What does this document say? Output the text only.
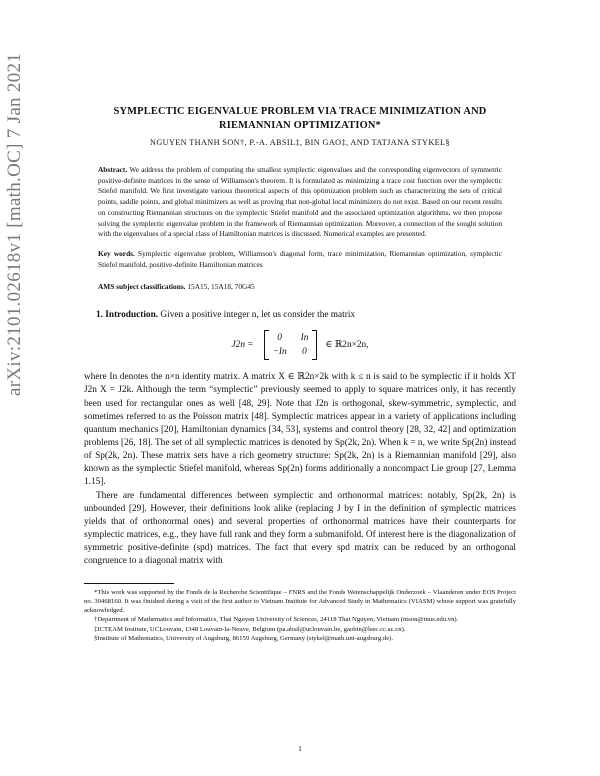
arXiv:2101.02618v1 [math.OC] 7 Jan 2021	SYMPLECTIC EIGENVALUE PROBLEM VIA TRACE MINIMIZATION AND RIEMANNIAN OPTIMIZATION*
NGUYEN THANH SON†, P.-A. ABSIL‡, BIN GAO‡, AND TATJANA STYKEL§
Abstract. We address the problem of computing the smallest symplectic eigenvalues and the corresponding eigenvectors of symmetric positive-definite matrices in the sense of Williamson's theorem. It is formulated as minimizing a trace cost function over the symplectic Stiefel manifold. We first investigate various theoretical aspects of this optimization problem such as characterizing the sets of critical points, saddle points, and global minimizers as well as proving that non-global local minimizers do not exist. Based on our recent results on constructing Riemannian structures on the symplectic Stiefel manifold and the associated optimization algorithms, we then propose solving the symplectic eigenvalue problem in the framework of Riemannian optimization. Moreover, a connection of the sought solution with the eigenvalues of a special class of Hamiltonian matrices is discussed. Numerical examples are presented.
Key words. Symplectic eigenvalue problem, Williamson's diagonal form, trace minimization, Riemannian optimization, symplectic Stiefel manifold, positive-definite Hamiltonian matrices
AMS subject classifications. 15A15, 15A18, 70G45
1. Introduction. Given a positive integer n, let us consider the matrix
J2n =
0	In
−In 0
∈ ℝ2n×2n,
where In denotes the n×n identity matrix. A matrix X ∈ ℝ2n×2k with k ≤ n is said to be symplectic if it holds XT J2n X = J2k. Although the term “symplectic” previously seemed to apply to square matrices only, it has recently been used for rectangular ones as well [48, 29]. Note that J2n is orthogonal, skew-symmetric, symplectic, and sometimes referred to as the Poisson matrix [48]. Symplectic matrices appear in a variety of applications including quantum mechanics [20], Hamiltonian dynamics [34, 53], systems and control theory [28, 32, 42] and optimization problems [26, 18]. The set of all symplectic matrices is denoted by Sp(2k, 2n). When k = n, we write Sp(2n) instead of Sp(2k, 2n). These matrix sets have a rich geometry structure: Sp(2k, 2n) is a Riemannian manifold [29], also known as the symplectic Stiefel manifold, whereas Sp(2n) forms additionally a noncompact Lie group [27, Lemma 1.15].
There are fundamental differences between symplectic and orthonormal matrices: notably, Sp(2k, 2n) is unbounded [29]. However, their definitions look alike (replacing J by I in the definition of symplectic matrices yields that of orthonormal ones) and several properties of orthonormal matrices have their counterparts for symplectic matrices, e.g., they have full rank and they form a submanifold. Of interest here is the diagonalization of symmetric positive-definite (spd) matrices. The fact that every spd matrix can be reduced by an orthogonal congruence to a diagonal matrix with

*This work was supported by the Fonds de la Recherche Scientifique – FNRS and the Fonds Wetenschappelijk Onderzoek – Vlaanderen under EOS Project no. 30468160. It was finished during a visit of the first author to Vietnam Institute for Advanced Study in Mathematics (VIASM) whose support was gratefully acknowledged.

†Department of Mathematics and Informatics, Thai Nguyen University of Sciences, 24118 Thai Nguyen, Vietnam (ntson@tnus.edu.vn).

‡ICTEAM Institute, UCLouvain, 1348 Louvain-la-Neuve, Belgium (pa.absil@uclouvain.be, gaobin@lsec.cc.ac.cn).

§Institute of Mathematics, University of Augsburg, 86159 Augsburg, Germany (stykel@math.uni-augsburg.de).

1
